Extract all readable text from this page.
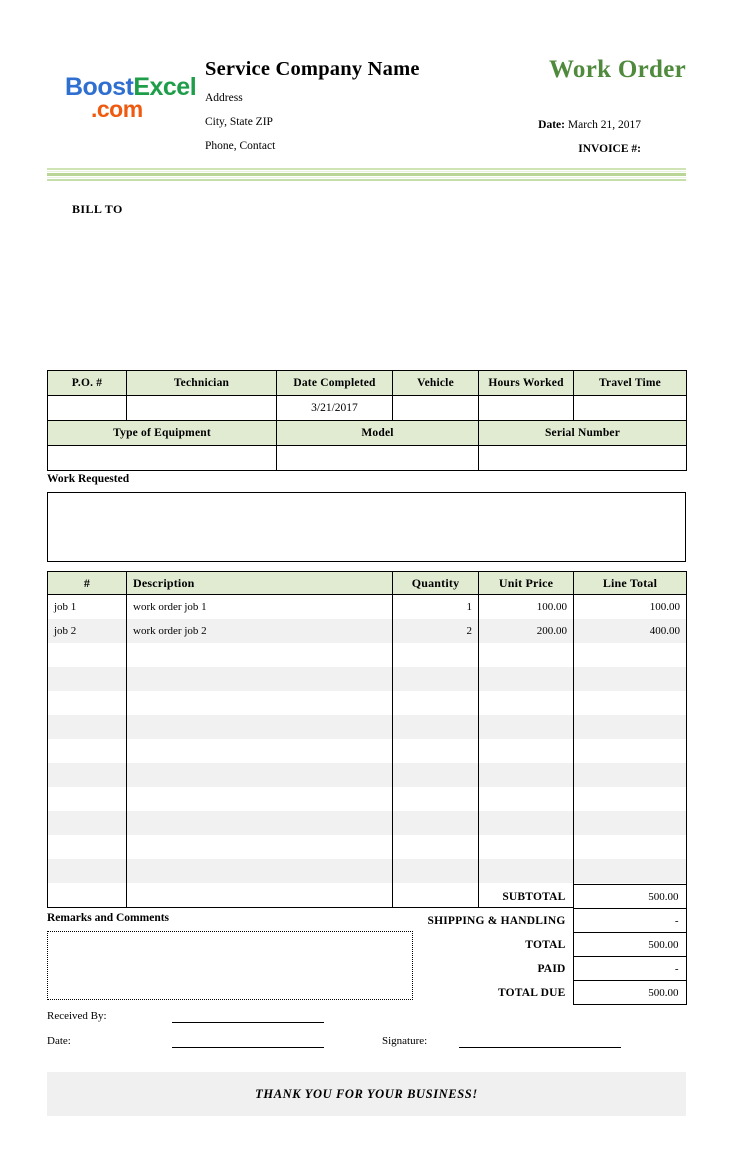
BoostExcel
.com
Service Company Name
Address
City, State ZIP
Phone, Contact
Work Order
Date: March 21, 2017
INVOICE #:
BILL TO
P.O. #	Technician	Date Completed	Vehicle	Hours Worked	Travel Time
		3/21/2017			
Type of Equipment		Model		Serial Number	

Work Requested
#	Description	Quantity	Unit Price	Line Total
job 1	work order job 1	1	100.00	100.00
job 2	work order job 2	2	200.00	400.00

SUBTOTAL	500.00
SHIPPING & HANDLING	-
TOTAL	500.00
PAID	-
TOTAL DUE	500.00
Remarks and Comments
Received By:
Date:	Signature:
THANK YOU FOR YOUR BUSINESS!
